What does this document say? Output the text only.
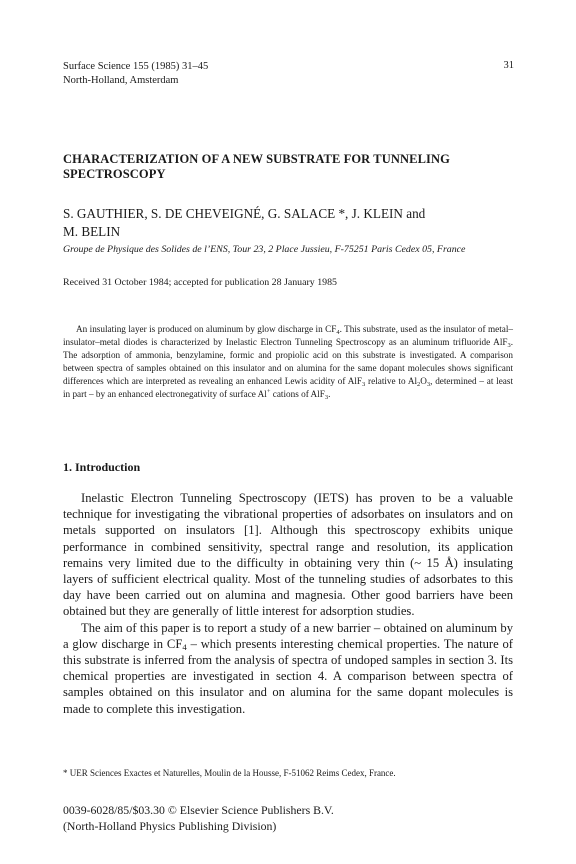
Surface Science 155 (1985) 31–45
North-Holland, Amsterdam
31
CHARACTERIZATION OF A NEW SUBSTRATE FOR TUNNELING SPECTROSCOPY
S. GAUTHIER, S. DE CHEVEIGNÉ, G. SALACE *, J. KLEIN and
M. BELIN
Groupe de Physique des Solides de l’ENS, Tour 23, 2 Place Jussieu, F-75251 Paris Cedex 05, France
Received 31 October 1984; accepted for publication 28 January 1985
An insulating layer is produced on aluminum by glow discharge in $CF_4$. This substrate, used as the insulator of metal–insulator–metal diodes is characterized by Inelastic Electron Tunneling Spectroscopy as an aluminum trifluoride AlF$_3$. The adsorption of ammonia, benzylamine, formic and propiolic acid on this substrate is investigated. A comparison between spectra of samples obtained on this insulator and on alumina for the same dopant molecules shows significant differences which are interpreted as revealing an enhanced Lewis acidity of AlF$_3$ relative to $Al_2O_3$, determined – at least in part – by an enhanced electronegativity of surface Al+ cations of AlF$_3$.
1. Introduction

Inelastic Electron Tunneling Spectroscopy (IETS) has proven to be a valuable technique for investigating the vibrational properties of adsorbates on insulators and on metals supported on insulators [1]. Although this spectroscopy exhibits unique performance in combined sensitivity, spectral range and resolution, its application remains very limited due to the difficulty in obtaining very thin (~ 15 Å) insulating layers of sufficient electrical quality. Most of the tunneling studies of adsorbates to this day have been carried out on alumina and magnesia. Other good barriers have been obtained but they are generally of little interest for adsorption studies.

The aim of this paper is to report a study of a new barrier – obtained on aluminum by a glow discharge in $CF_4$ – which presents interesting chemical properties. The nature of this substrate is inferred from the analysis of spectra of undoped samples in section 3. Its chemical properties are investigated in section 4. A comparison between spectra of samples obtained on this insulator and on alumina for the same dopant molecules is made to complete this investigation.

* UER Sciences Exactes et Naturelles, Moulin de la Housse, F-51062 Reims Cedex, France.
0039-6028/85/$03.30 © Elsevier Science Publishers B.V.
(North-Holland Physics Publishing Division)
